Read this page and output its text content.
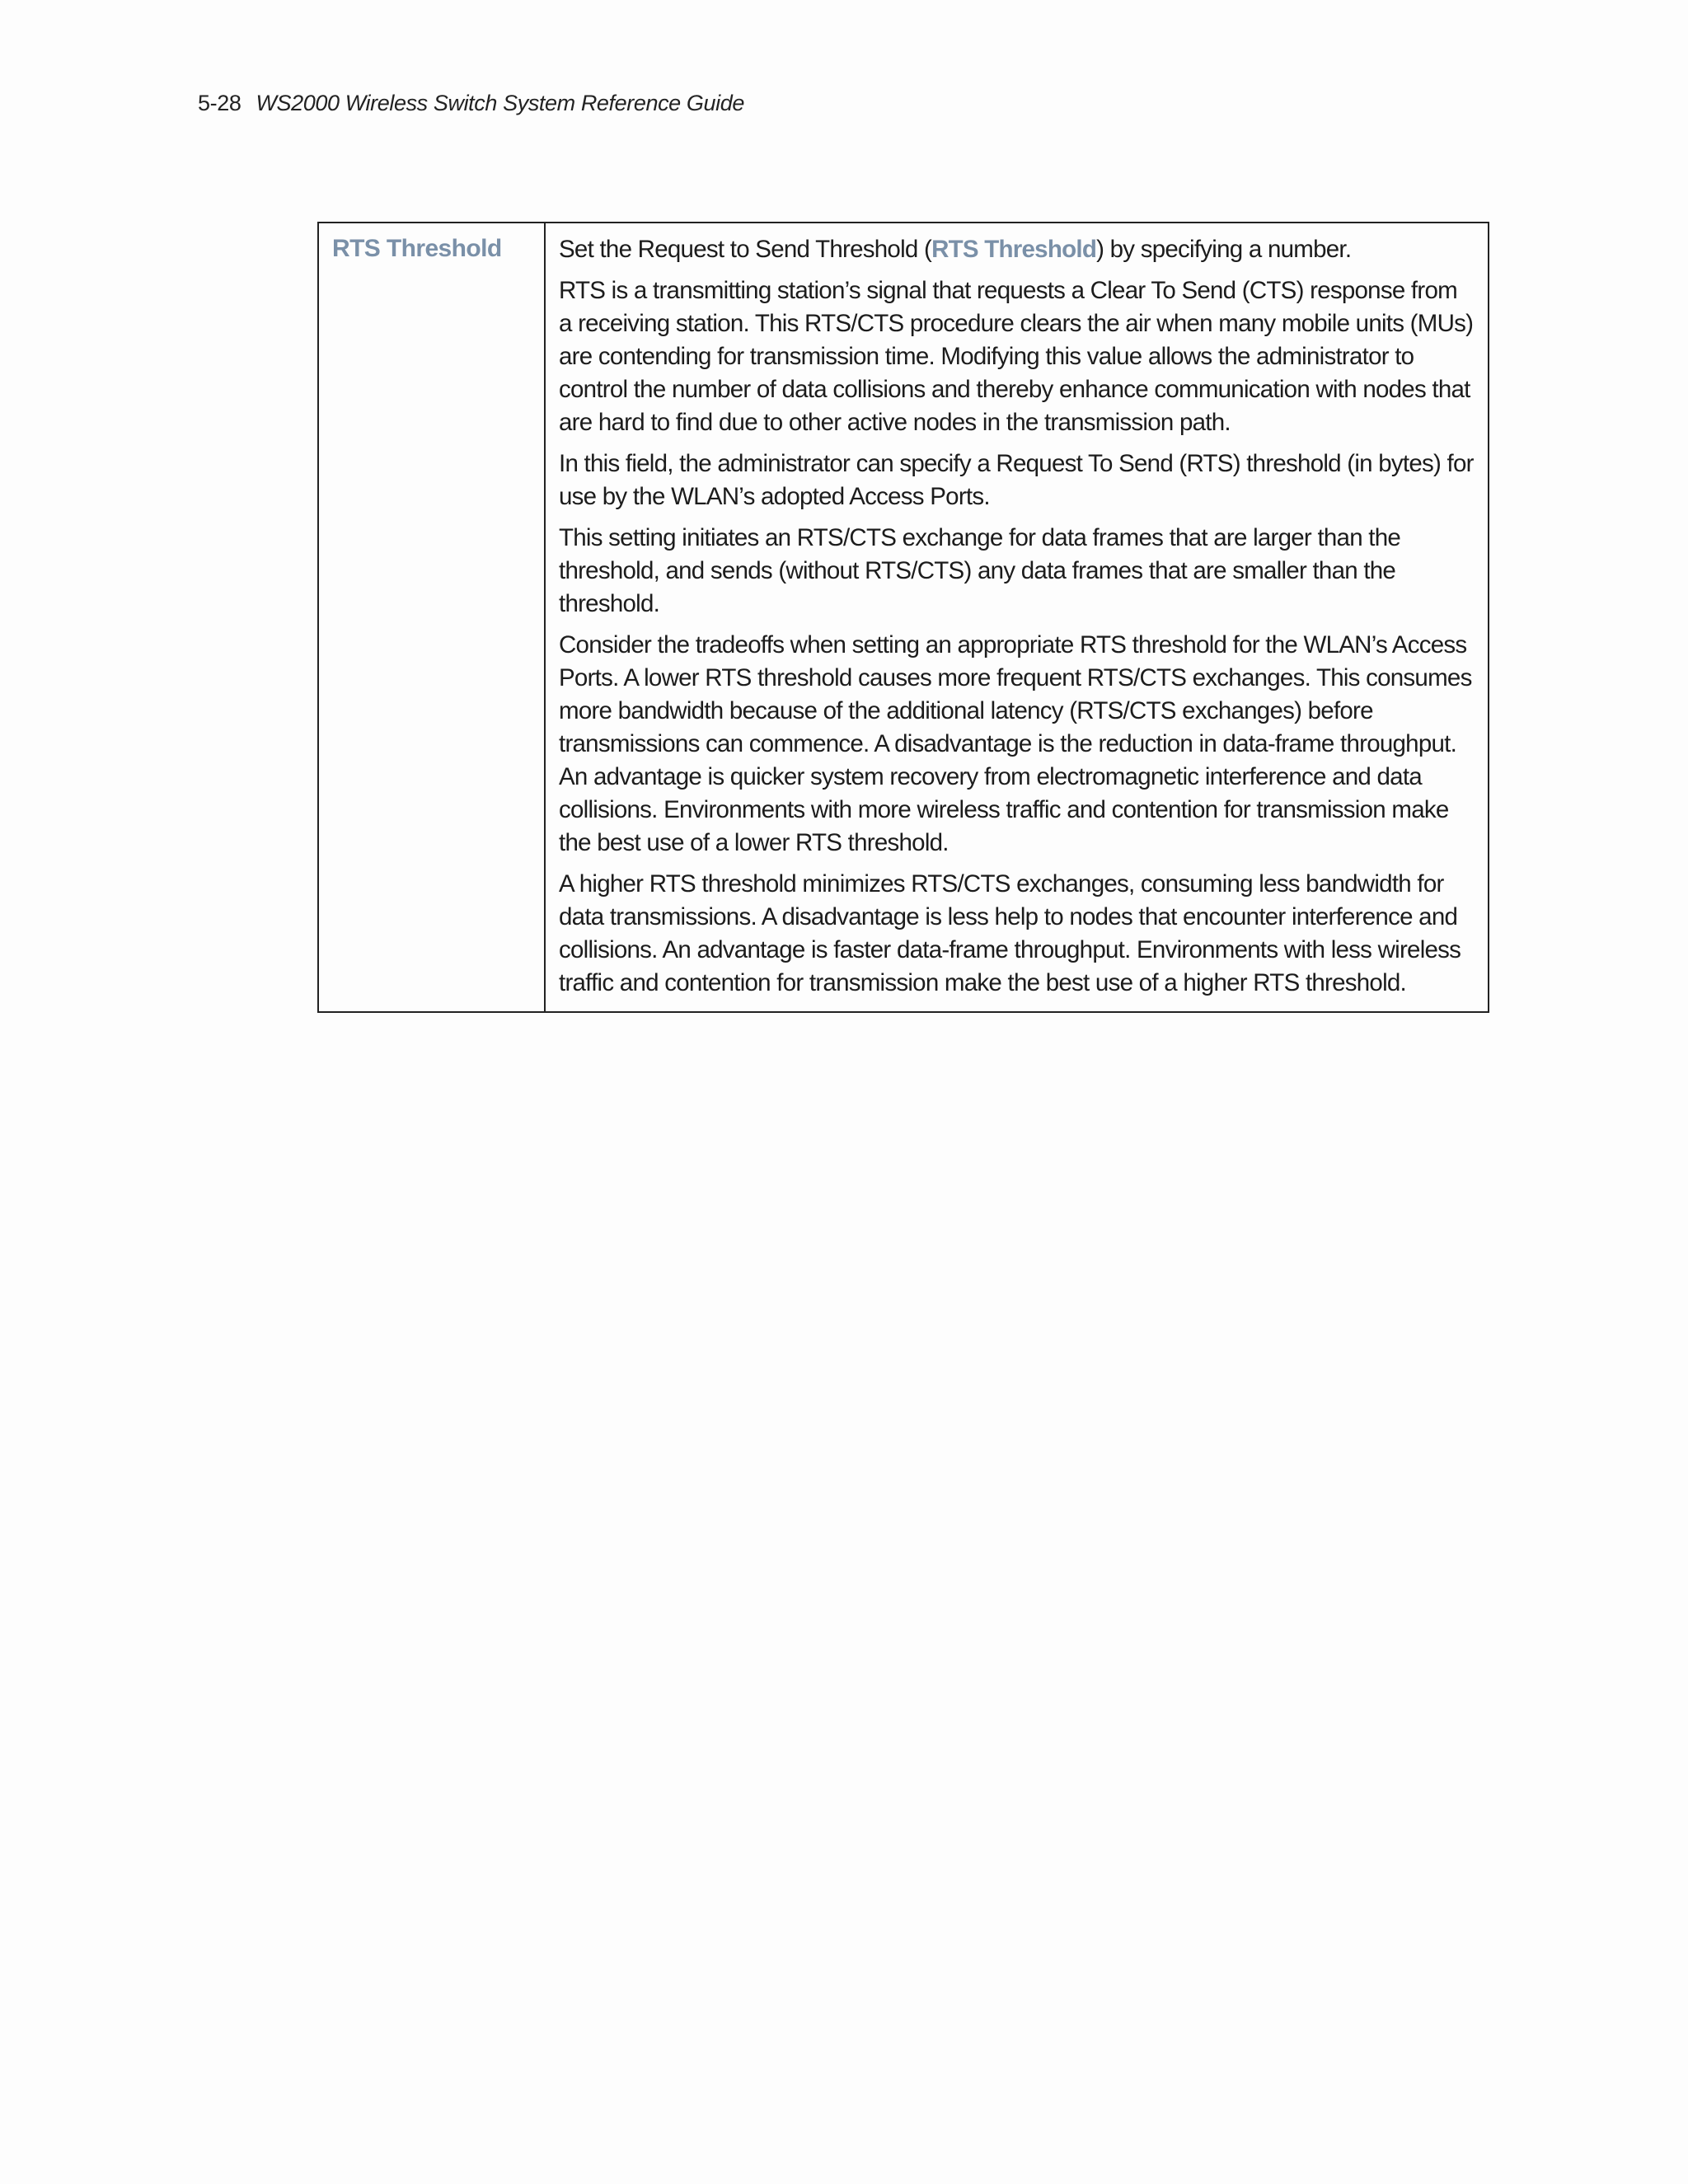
5-28 WS2000 Wireless Switch System Reference Guide
RTS Threshold	Set the Request to Send Threshold (RTS Threshold) by specifying a number.

RTS is a transmitting station’s signal that requests a Clear To Send (CTS) response from a receiving station. This RTS/CTS procedure clears the air when many mobile units (MUs) are contending for transmission time. Modifying this value allows the administrator to control the number of data collisions and thereby enhance communication with nodes that are hard to find due to other active nodes in the transmission path.

In this field, the administrator can specify a Request To Send (RTS) threshold (in bytes) for use by the WLAN’s adopted Access Ports.

This setting initiates an RTS/CTS exchange for data frames that are larger than the threshold, and sends (without RTS/CTS) any data frames that are smaller than the threshold.

Consider the tradeoffs when setting an appropriate RTS threshold for the WLAN’s Access Ports. A lower RTS threshold causes more frequent RTS/CTS exchanges. This consumes more bandwidth because of the additional latency (RTS/CTS exchanges) before transmissions can commence. A disadvantage is the reduction in data-frame throughput. An advantage is quicker system recovery from electromagnetic interference and data collisions. Environments with more wireless traffic and contention for transmission make the best use of a lower RTS threshold.

A higher RTS threshold minimizes RTS/CTS exchanges, consuming less bandwidth for data transmissions. A disadvantage is less help to nodes that encounter interference and collisions. An advantage is faster data-frame throughput. Environments with less wireless traffic and contention for transmission make the best use of a higher RTS threshold.
